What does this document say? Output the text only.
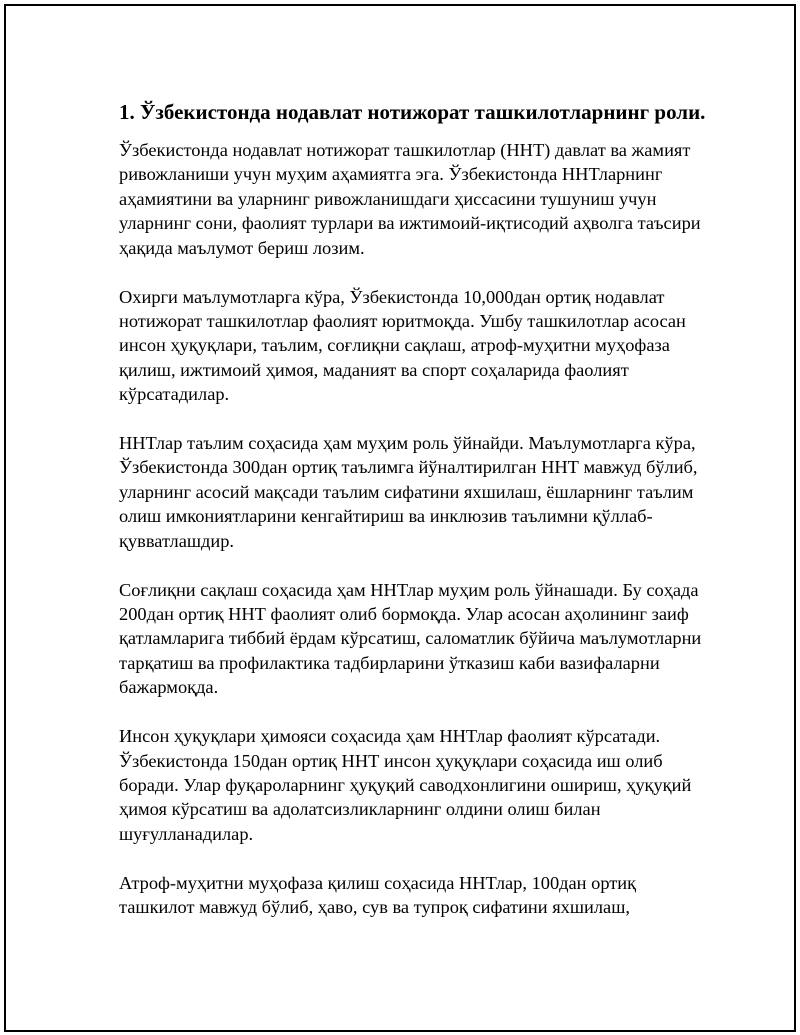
1. Ўзбекистонда нодавлат нотижорат ташкилотларнинг роли.

Ўзбекистонда нодавлат нотижорат ташкилотлар (ННТ) давлат ва жамият ривожланиши учун муҳим аҳамиятга эга. Ўзбекистонда ННТларнинг аҳамиятини ва уларнинг ривожланишдаги ҳиссасини тушуниш учун уларнинг сони, фаолият турлари ва ижтимоий-иқтисодий аҳволга таъсири ҳақида маълумот бериш лозим.

Охирги маълумотларга кўра, Ўзбекистонда 10,000дан ортиқ нодавлат нотижорат ташкилотлар фаолият юритмоқда. Ушбу ташкилотлар асосан инсон ҳуқуқлари, таълим, соғлиқни сақлаш, атроф-муҳитни муҳофаза қилиш, ижтимоий ҳимоя, маданият ва спорт соҳаларида фаолият кўрсатадилар.

ННТлар таълим соҳасида ҳам муҳим роль ўйнайди. Маълумотларга кўра, Ўзбекистонда 300дан ортиқ таълимга йўналтирилган ННТ мавжуд бўлиб, уларнинг асосий мақсади таълим сифатини яхшилаш, ёшларнинг таълим олиш имкониятларини кенгайтириш ва инклюзив таълимни қўллаб-қувватлашдир.

Соғлиқни сақлаш соҳасида ҳам ННТлар муҳим роль ўйнашади. Бу соҳада 200дан ортиқ ННТ фаолият олиб бормоқда. Улар асосан аҳолининг заиф қатламларига тиббий ёрдам кўрсатиш, саломатлик бўйича маълумотларни тарқатиш ва профилактика тадбирларини ўтказиш каби вазифаларни бажармоқда.

Инсон ҳуқуқлари ҳимояси соҳасида ҳам ННТлар фаолият кўрсатади. Ўзбекистонда 150дан ортиқ ННТ инсон ҳуқуқлари соҳасида иш олиб боради. Улар фуқароларнинг ҳуқуқий саводхонлигини ошириш, ҳуқуқий ҳимоя кўрсатиш ва адолатсизликларнинг олдини олиш билан шуғулланадилар.

Атроф-муҳитни муҳофаза қилиш соҳасида ННТлар, 100дан ортиқ ташкилот мавжуд бўлиб, ҳаво, сув ва тупроқ сифатини яхшилаш,
